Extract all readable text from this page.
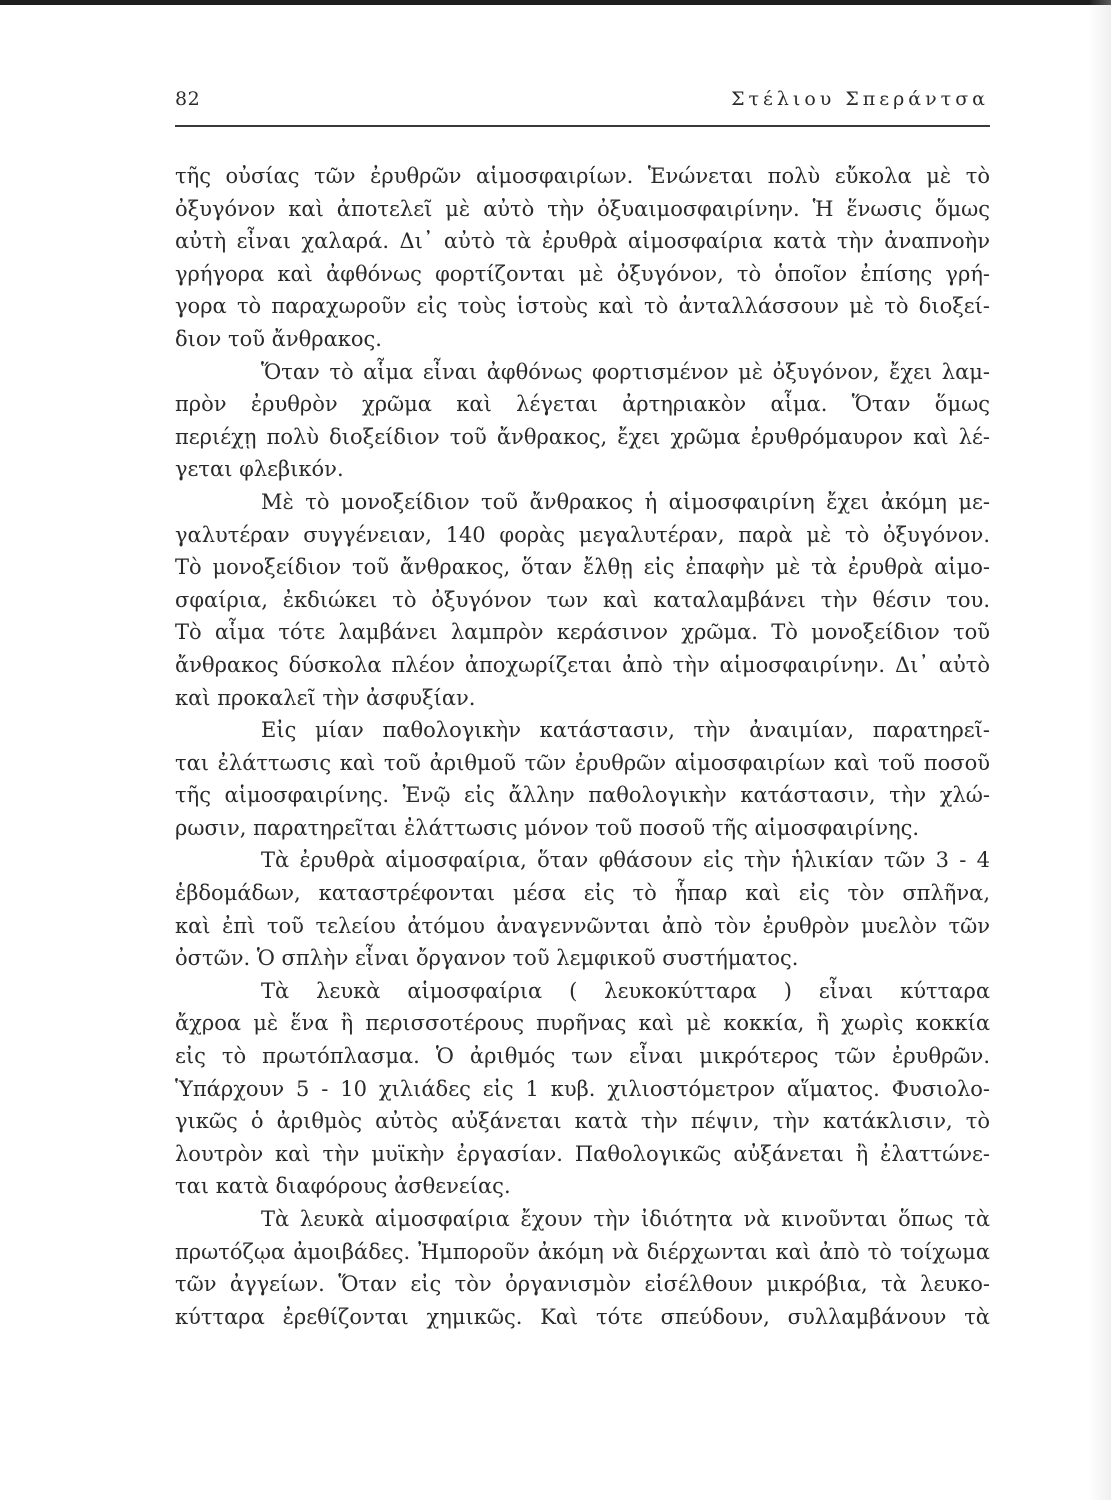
82	Στέλιου Σπεράντσα
τῆς οὐσίας τῶν ἐρυθρῶν αἱμοσφαιρίων. Ἑνώνεται πολὺ εὔκολα μὲ τὸ
ὀξυγόνον καὶ ἀποτελεῖ μὲ αὐτὸ τὴν ὀξυαιμοσφαιρίνην. Ἡ ἕνωσις ὅμως
αὐτὴ εἶναι χαλαρά. Δι᾽ αὐτὸ τὰ ἐρυθρὰ αἱμοσφαίρια κατὰ τὴν ἀναπνοὴν
γρήγορα καὶ ἀφθόνως φορτίζονται μὲ ὀξυγόνον, τὸ ὁποῖον ἐπίσης γρή-
γορα τὸ παραχωροῦν εἰς τοὺς ἱστοὺς καὶ τὸ ἀνταλλάσσουν μὲ τὸ διοξεί-
διον τοῦ ἄνθρακος.
Ὅταν τὸ αἷμα εἶναι ἀφθόνως φορτισμένον μὲ ὀξυγόνον, ἔχει λαμ-
πρὸν ἐρυθρὸν χρῶμα καὶ λέγεται ἀρτηριακὸν αἷμα. Ὅταν ὅμως
περιέχῃ πολὺ διοξείδιον τοῦ ἄνθρακος, ἔχει χρῶμα ἐρυθρόμαυρον καὶ λέ-
γεται φλεβικόν.
Μὲ τὸ μονοξείδιον τοῦ ἄνθρακος ἡ αἱμοσφαιρίνη ἔχει ἀκόμη με-
γαλυτέραν συγγένειαν, 140 φορὰς μεγαλυτέραν, παρὰ μὲ τὸ ὀξυγόνον.
Τὸ μονοξείδιον τοῦ ἄνθρακος, ὅταν ἔλθῃ εἰς ἐπαφὴν μὲ τὰ ἐρυθρὰ αἱμο-
σφαίρια, ἐκδιώκει τὸ ὀξυγόνον των καὶ καταλαμβάνει τὴν θέσιν του.
Τὸ αἷμα τότε λαμβάνει λαμπρὸν κεράσινον χρῶμα. Τὸ μονοξείδιον τοῦ
ἄνθρακος δύσκολα πλέον ἀποχωρίζεται ἀπὸ τὴν αἱμοσφαιρίνην. Δι᾽ αὐτὸ
καὶ προκαλεῖ τὴν ἀσφυξίαν.
Εἰς μίαν παθολογικὴν κατάστασιν, τὴν ἀναιμίαν, παρατηρεῖ-
ται ἐλάττωσις καὶ τοῦ ἀριθμοῦ τῶν ἐρυθρῶν αἱμοσφαιρίων καὶ τοῦ ποσοῦ
τῆς αἱμοσφαιρίνης. Ἐνῷ εἰς ἄλλην παθολογικὴν κατάστασιν, τὴν χλώ-
ρωσιν, παρατηρεῖται ἐλάττωσις μόνον τοῦ ποσοῦ τῆς αἱμοσφαιρίνης.
Τὰ ἐρυθρὰ αἱμοσφαίρια, ὅταν φθάσουν εἰς τὴν ἡλικίαν τῶν 3 - 4
ἑβδομάδων, καταστρέφονται μέσα εἰς τὸ ἧπαρ καὶ εἰς τὸν σπλῆνα,
καὶ ἐπὶ τοῦ τελείου ἀτόμου ἀναγεννῶνται ἀπὸ τὸν ἐρυθρὸν μυελὸν τῶν
ὀστῶν. Ὁ σπλὴν εἶναι ὄργανον τοῦ λεμφικοῦ συστήματος.
Τὰ λευκὰ αἱμοσφαίρια ( λευκοκύτταρα ) εἶναι κύτταρα
ἄχροα μὲ ἕνα ἢ περισσοτέρους πυρῆνας καὶ μὲ κοκκία, ἢ χωρὶς κοκκία
εἰς τὸ πρωτόπλασμα. Ὁ ἀριθμός των εἶναι μικρότερος τῶν ἐρυθρῶν.
Ὑπάρχουν 5 - 10 χιλιάδες εἰς 1 κυβ. χιλιοστόμετρον αἵματος. Φυσιολο-
γικῶς ὁ ἀριθμὸς αὐτὸς αὐξάνεται κατὰ τὴν πέψιν, τὴν κατάκλισιν, τὸ
λουτρὸν καὶ τὴν μυϊκὴν ἐργασίαν. Παθολογικῶς αὐξάνεται ἢ ἐλαττώνε-
ται κατὰ διαφόρους ἀσθενείας.
Τὰ λευκὰ αἱμοσφαίρια ἔχουν τὴν ἰδιότητα νὰ κινοῦνται ὅπως τὰ
πρωτόζῳα ἀμοιβάδες. Ἠμποροῦν ἀκόμη νὰ διέρχωνται καὶ ἀπὸ τὸ τοίχωμα
τῶν ἀγγείων. Ὅταν εἰς τὸν ὀργανισμὸν εἰσέλθουν μικρόβια, τὰ λευκο-
κύτταρα ἐρεθίζονται χημικῶς. Καὶ τότε σπεύδουν, συλλαμβάνουν τὰ
